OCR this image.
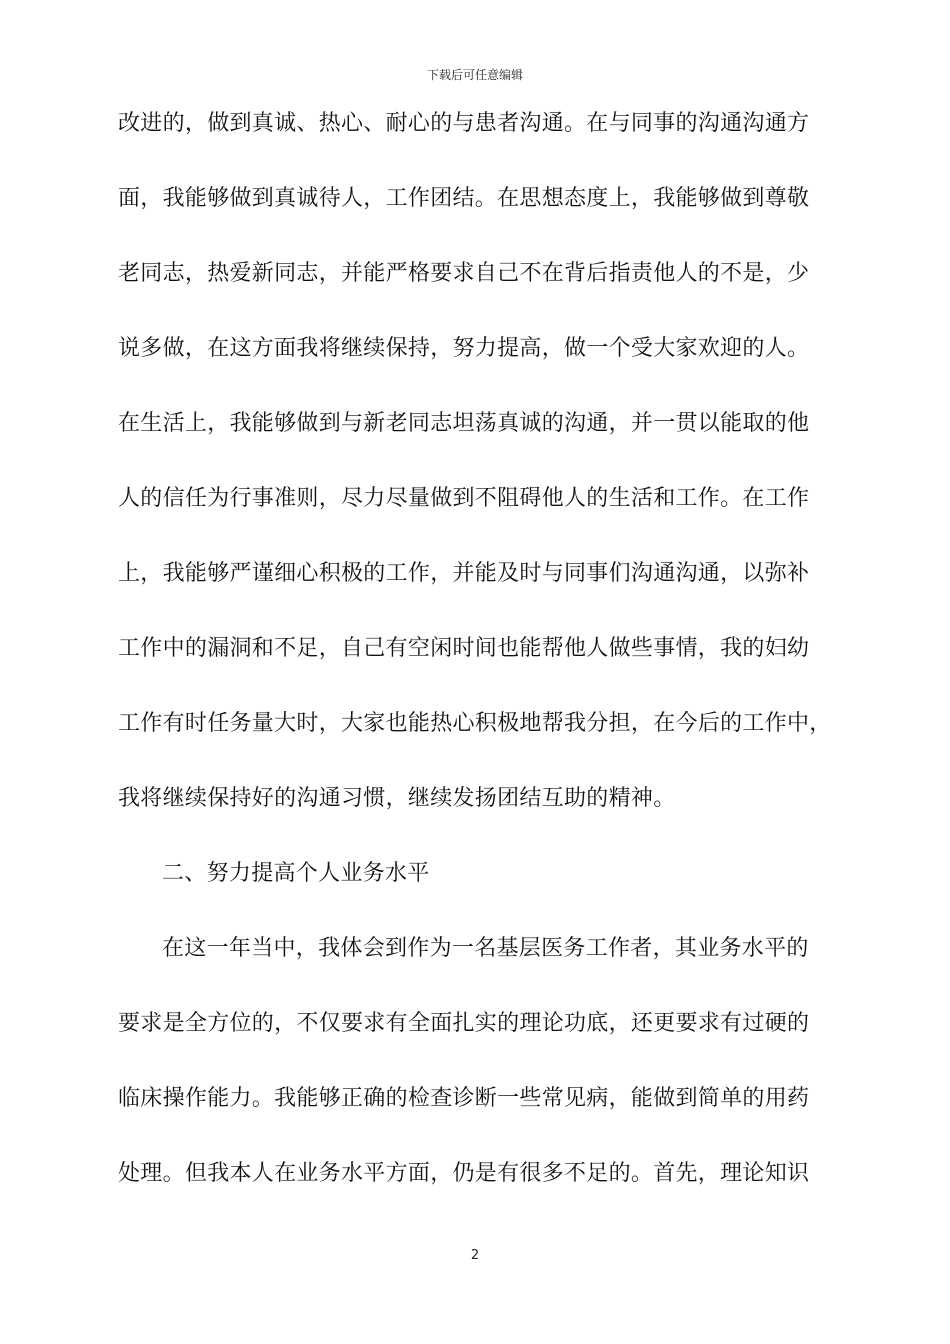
下载后可任意编辑
改进的，做到真诚、热心、耐心的与患者沟通。在与同事的沟通沟通方
面，我能够做到真诚待人，工作团结。在思想态度上，我能够做到尊敬
老同志，热爱新同志，并能严格要求自己不在背后指责他人的不是，少
说多做，在这方面我将继续保持，努力提高，做一个受大家欢迎的人。
在生活上，我能够做到与新老同志坦荡真诚的沟通，并一贯以能取的他
人的信任为行事准则，尽力尽量做到不阻碍他人的生活和工作。在工作
上，我能够严谨细心积极的工作，并能及时与同事们沟通沟通，以弥补
工作中的漏洞和不足，自己有空闲时间也能帮他人做些事情，我的妇幼
工作有时任务量大时，大家也能热心积极地帮我分担，在今后的工作中，
我将继续保持好的沟通习惯，继续发扬团结互助的精神。
二、努力提高个人业务水平
在这一年当中，我体会到作为一名基层医务工作者，其业务水平的
要求是全方位的，不仅要求有全面扎实的理论功底，还更要求有过硬的
临床操作能力。我能够正确的检查诊断一些常见病，能做到简单的用药
处理。但我本人在业务水平方面，仍是有很多不足的。首先，理论知识
2
